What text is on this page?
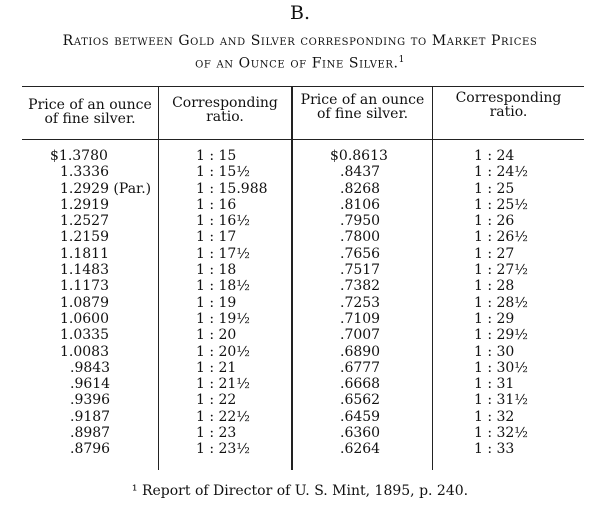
B.
Ratios between Gold and Silver corresponding to Market Prices
of an Ounce of Fine Silver.$^1$
Price of an ounce
of fine silver.
Corresponding
ratio.
Price of an ounce
of fine silver.
Corresponding
ratio.
$1.3780
1.3336
1.2929 (Par.)
1.2919
1.2527
1.2159
1.1811
1.1483
1.1173
1.0879
1.0600
1.0335
1.0083
.9843
.9614
.9396
.9187
.8987
.8796
1 : 15
1 : 15½
1 : 15.988
1 : 16
1 : 16½
1 : 17
1 : 17½
1 : 18
1 : 18½
1 : 19
1 : 19½
1 : 20
1 : 20½
1 : 21
1 : 21½
1 : 22
1 : 22½
1 : 23
1 : 23½
$0.8613
.8437
.8268
.8106
.7950
.7800
.7656
.7517
.7382
.7253
.7109
.7007
.6890
.6777
.6668
.6562
.6459
.6360
.6264
1 : 24
1 : 24½
1 : 25
1 : 25½
1 : 26
1 : 26½
1 : 27
1 : 27½
1 : 28
1 : 28½
1 : 29
1 : 29½
1 : 30
1 : 30½
1 : 31
1 : 31½
1 : 32
1 : 32½
1 : 33
¹ Report of Director of U. S. Mint, 1895, p. 240.
